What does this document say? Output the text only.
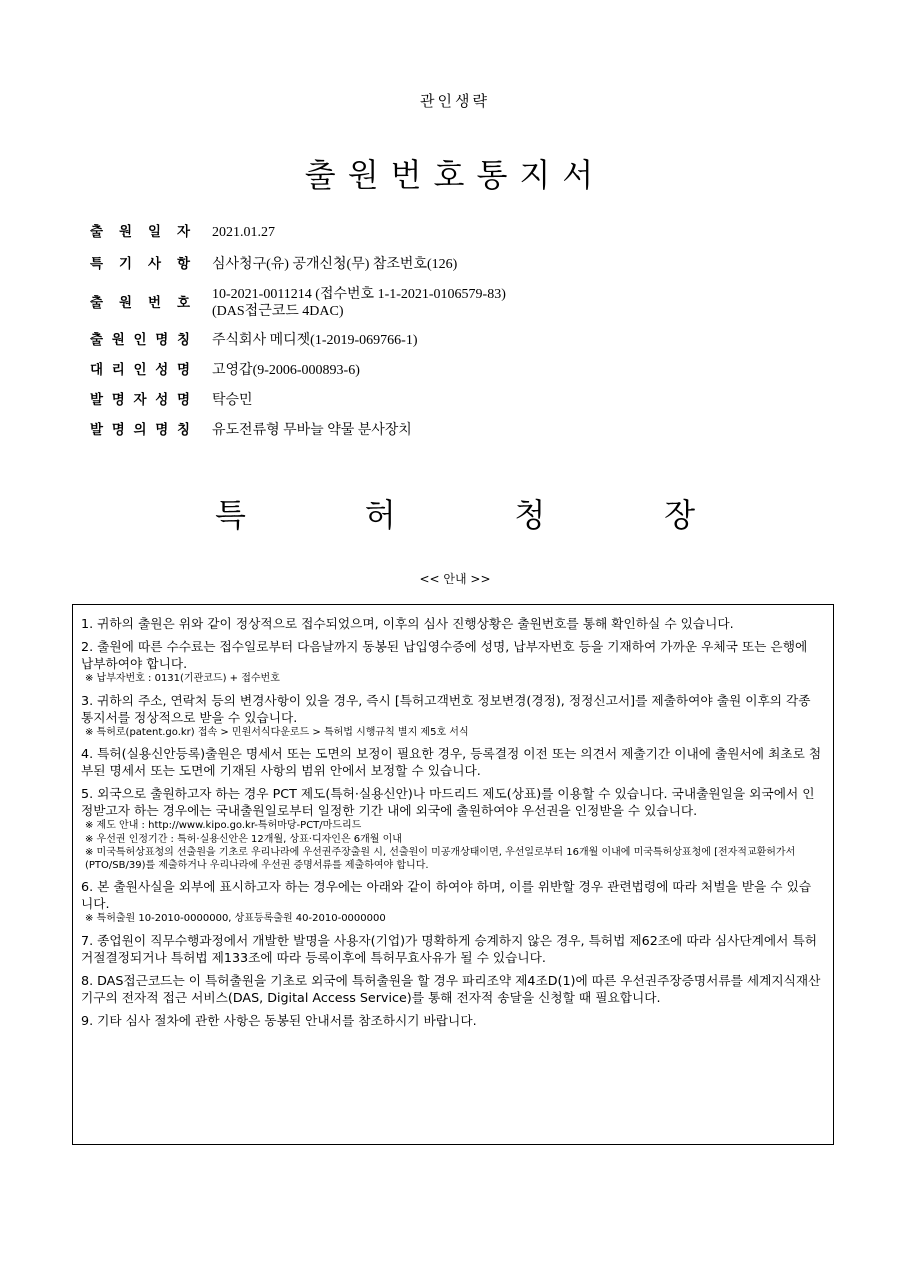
관인생략
출원번호통지서
출 원 일 자 2021.01.27
특 기 사 항 심사청구(유) 공개신청(무) 참조번호(126)
출 원 번 호
10-2021-0011214 (접수번호 1-1-2021-0106579-83)
(DAS접근코드 4DAC)
출 원 인 명 칭 주식회사 메디젯(1-2019-069766-1)
대 리 인 성 명 고영갑(9-2006-000893-6)
발 명 자 성 명 탁승민
발 명 의 명 칭 유도전류형 무바늘 약물 분사장치
특	허	청	장
<< 안내 >>
1. 귀하의 출원은 위와 같이 정상적으로 접수되었으며, 이후의 심사 진행상황은 출원번호를 통해 확인하실 수 있습니다.
2. 출원에 따른 수수료는 접수일로부터 다음날까지 동봉된 납입영수증에 성명, 납부자번호 등을 기재하여 가까운 우체국 또는 은행에 납부하여야 합니다.
※ 납부자번호 : 0131(기관코드) + 접수번호
3. 귀하의 주소, 연락처 등의 변경사항이 있을 경우, 즉시 [특허고객번호 정보변경(경정), 정정신고서]를 제출하여야 출원 이후의 각종 통지서를 정상적으로 받을 수 있습니다.
※ 특허로(patent.go.kr) 접속 > 민원서식다운로드 > 특허법 시행규칙 별지 제5호 서식
4. 특허(실용신안등록)출원은 명세서 또는 도면의 보정이 필요한 경우, 등록결정 이전 또는 의견서 제출기간 이내에 출원서에 최초로 첨부된 명세서 또는 도면에 기재된 사항의 범위 안에서 보정할 수 있습니다.
5. 외국으로 출원하고자 하는 경우 PCT 제도(특허·실용신안)나 마드리드 제도(상표)를 이용할 수 있습니다. 국내출원일을 외국에서 인정받고자 하는 경우에는 국내출원일로부터 일정한 기간 내에 외국에 출원하여야 우선권을 인정받을 수 있습니다.
※ 제도 안내 : http://www.kipo.go.kr-특허마당-PCT/마드리드
※ 우선권 인정기간 : 특허·실용신안은 12개월, 상표·디자인은 6개월 이내
※ 미국특허상표청의 선출원을 기초로 우리나라에 우선권주장출원 시, 선출원이 미공개상태이면, 우선일로부터 16개월 이내에 미국특허상표청에 [전자적교환허가서(PTO/SB/39)를 제출하거나 우리나라에 우선권 증명서류를 제출하여야 합니다.
6. 본 출원사실을 외부에 표시하고자 하는 경우에는 아래와 같이 하여야 하며, 이를 위반할 경우 관련법령에 따라 처벌을 받을 수 있습니다.
※ 특허출원 10-2010-0000000, 상표등록출원 40-2010-0000000
7. 종업원이 직무수행과정에서 개발한 발명을 사용자(기업)가 명확하게 승계하지 않은 경우, 특허법 제62조에 따라 심사단계에서 특허거절결정되거나 특허법 제133조에 따라 등록이후에 특허무효사유가 될 수 있습니다.
8. DAS접근코드는 이 특허출원을 기초로 외국에 특허출원을 할 경우 파리조약 제4조D(1)에 따른 우선권주장증명서류를 세계지식재산기구의 전자적 접근 서비스(DAS, Digital Access Service)를 통해 전자적 송달을 신청할 때 필요합니다.
9. 기타 심사 절차에 관한 사항은 동봉된 안내서를 참조하시기 바랍니다.
